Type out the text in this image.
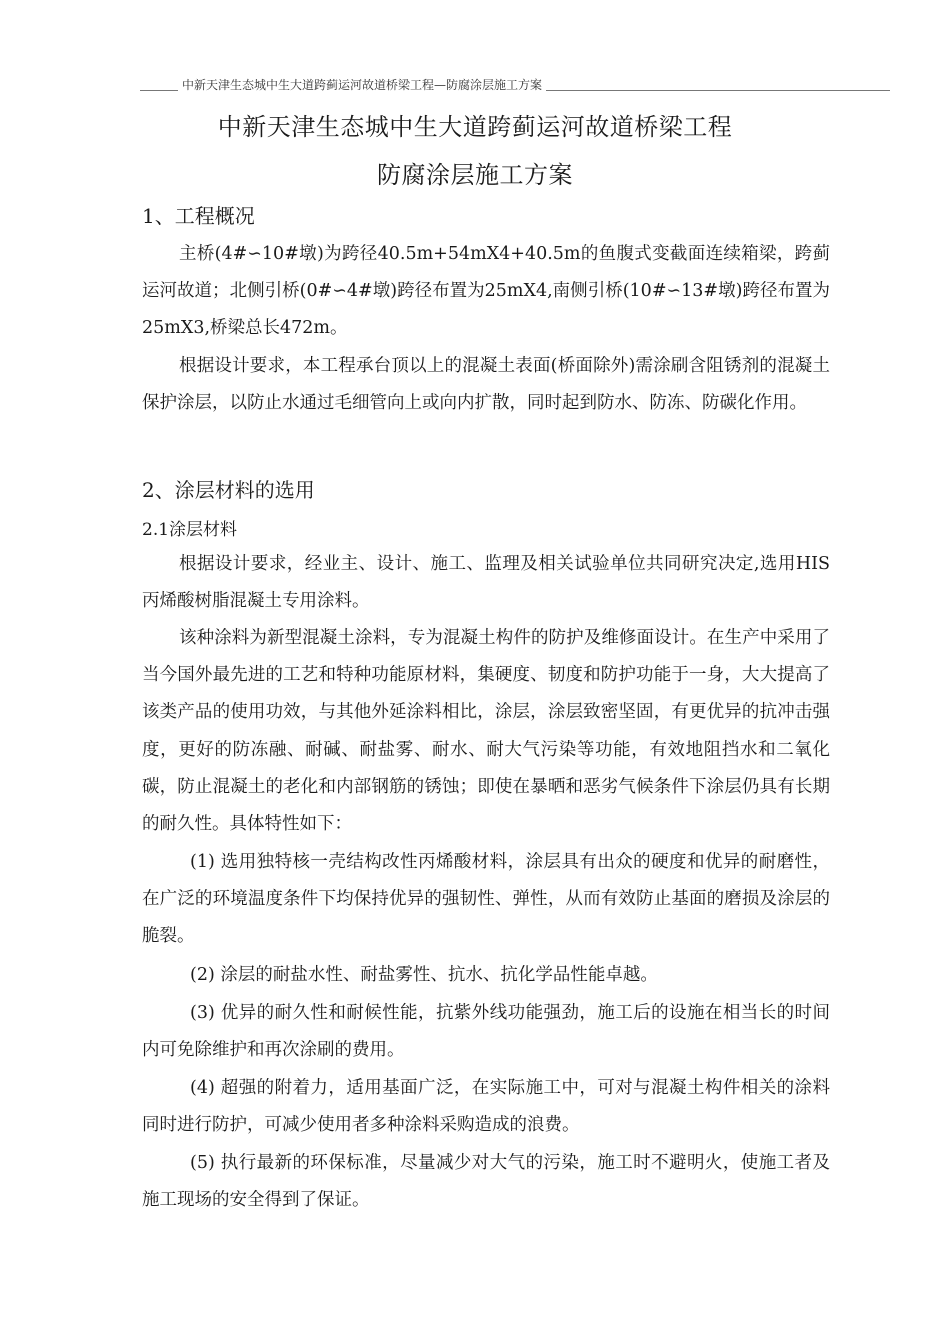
中新天津生态城中生大道跨蓟运河故道桥梁工程—防腐涂层施工方案
中新天津生态城中生大道跨蓟运河故道桥梁工程
防腐涂层施工方案
1、工程概况

主桥(4#∽10#墩)为跨径40.5m+54mX4+40.5m的鱼腹式变截面连续箱梁，跨蓟运河故道；北侧引桥(0#∽4#墩)跨径布置为25mX4,南侧引桥(10#∽13#墩)跨径布置为25mX3,桥梁总长472m。

根据设计要求，本工程承台顶以上的混凝土表面(桥面除外)需涂刷含阻锈剂的混凝土保护涂层，以防止水通过毛细管向上或向内扩散，同时起到防水、防冻、防碳化作用。

2、涂层材料的选用
2.1涂层材料

根据设计要求，经业主、设计、施工、监理及相关试验单位共同研究决定,选用HIS丙烯酸树脂混凝土专用涂料。

该种涂料为新型混凝土涂料，专为混凝土构件的防护及维修面设计。在生产中采用了当今国外最先进的工艺和特种功能原材料，集硬度、韧度和防护功能于一身，大大提高了该类产品的使用功效，与其他外延涂料相比，涂层，涂层致密坚固，有更优异的抗冲击强度，更好的防冻融、耐碱、耐盐雾、耐水、耐大气污染等功能，有效地阻挡水和二氧化碳，防止混凝土的老化和内部钢筋的锈蚀；即使在暴晒和恶劣气候条件下涂层仍具有长期的耐久性。具体特性如下：

(1) 选用独特核一壳结构改性丙烯酸材料，涂层具有出众的硬度和优异的耐磨性，在广泛的环境温度条件下均保持优异的强韧性、弹性，从而有效防止基面的磨损及涂层的脆裂。

(2) 涂层的耐盐水性、耐盐雾性、抗水、抗化学品性能卓越。

(3) 优异的耐久性和耐候性能，抗紫外线功能强劲，施工后的设施在相当长的时间内可免除维护和再次涂刷的费用。

(4) 超强的附着力，适用基面广泛，在实际施工中，可对与混凝土构件相关的涂料同时进行防护，可减少使用者多种涂料采购造成的浪费。

(5) 执行最新的环保标准，尽量减少对大气的污染，施工时不避明火，使施工者及施工现场的安全得到了保证。
